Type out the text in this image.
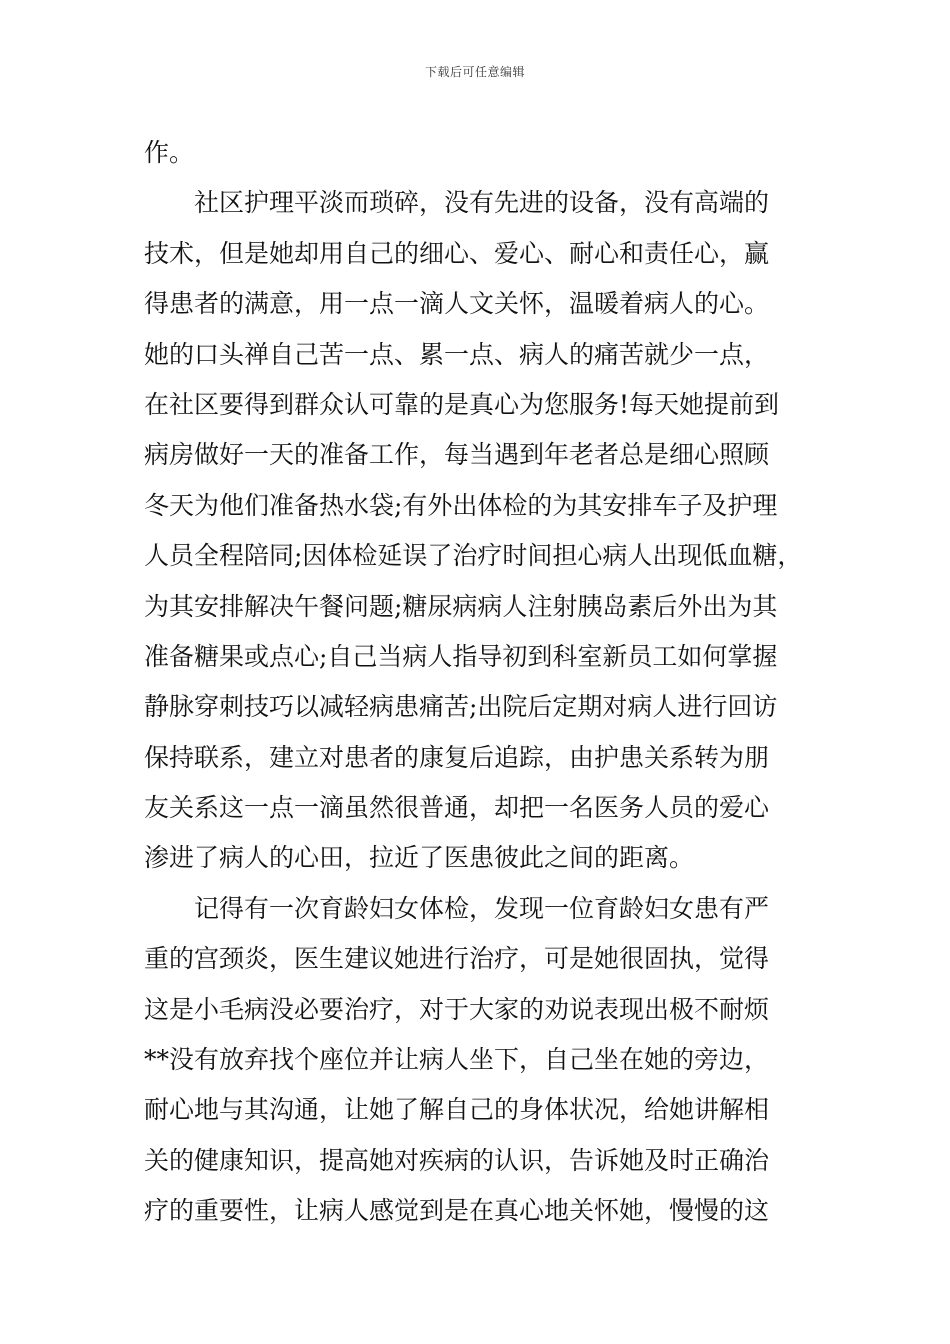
下载后可任意编辑
作。
社区护理平淡而琐碎，没有先进的设备，没有高端的
技术，但是她却用自己的细心、爱心、耐心和责任心，赢
得患者的满意，用一点一滴人文关怀，温暖着病人的心。
她的口头禅自己苦一点、累一点、病人的痛苦就少一点，
在社区要得到群众认可靠的是真心为您服务!每天她提前到
病房做好一天的准备工作，每当遇到年老者总是细心照顾
冬天为他们准备热水袋;有外出体检的为其安排车子及护理
人员全程陪同;因体检延误了治疗时间担心病人出现低血糖，
为其安排解决午餐问题;糖尿病病人注射胰岛素后外出为其
准备糖果或点心;自己当病人指导初到科室新员工如何掌握
静脉穿刺技巧以减轻病患痛苦;出院后定期对病人进行回访
保持联系，建立对患者的康复后追踪，由护患关系转为朋
友关系这一点一滴虽然很普通，却把一名医务人员的爱心
渗进了病人的心田，拉近了医患彼此之间的距离。
记得有一次育龄妇女体检，发现一位育龄妇女患有严
重的宫颈炎，医生建议她进行治疗，可是她很固执，觉得
这是小毛病没必要治疗，对于大家的劝说表现出极不耐烦
**没有放弃找个座位并让病人坐下，自己坐在她的旁边，
耐心地与其沟通，让她了解自己的身体状况，给她讲解相
关的健康知识，提高她对疾病的认识，告诉她及时正确治
疗的重要性，让病人感觉到是在真心地关怀她，慢慢的这
